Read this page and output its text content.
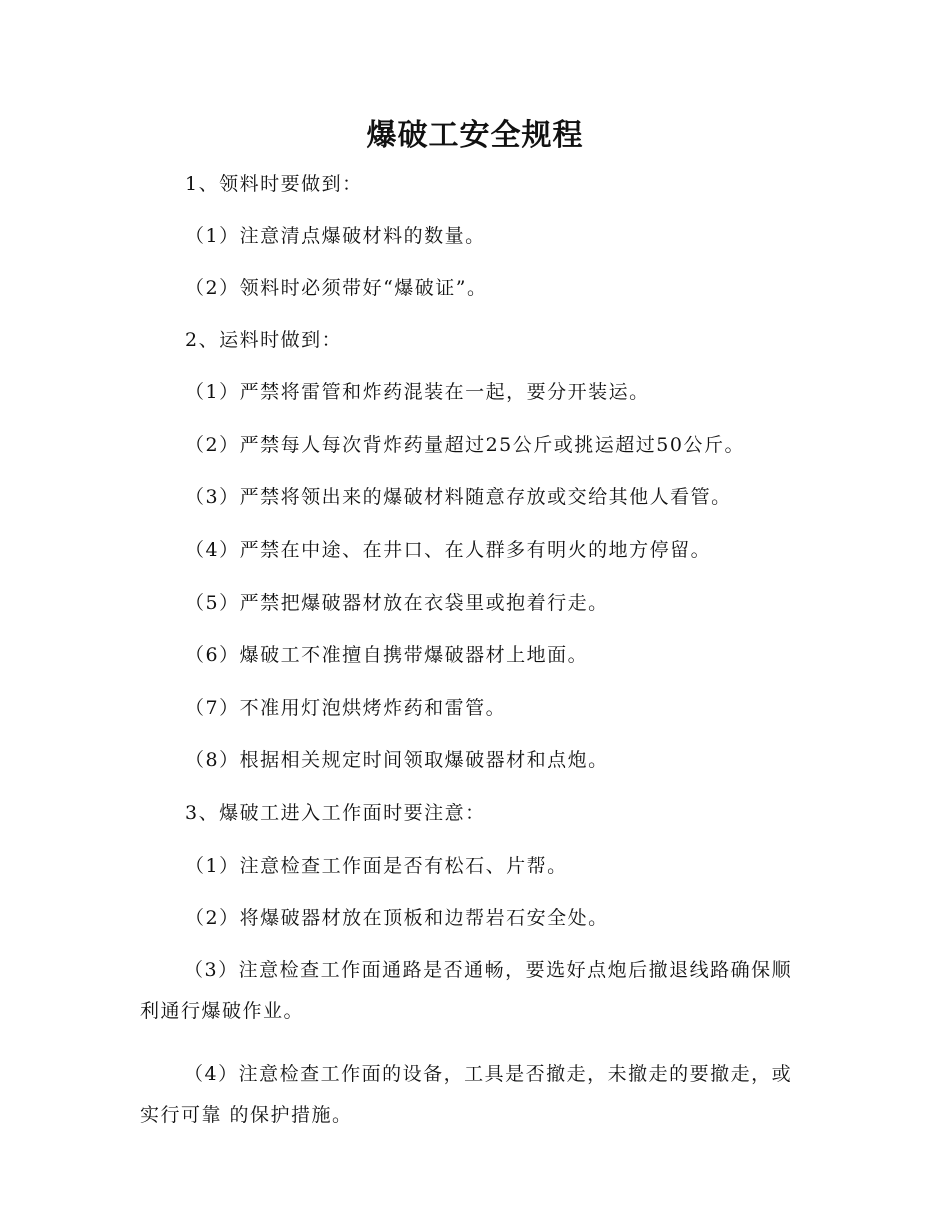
爆破工安全规程
1、领料时要做到：
（1）注意清点爆破材料的数量。
（2）领料时必须带好“爆破证”。
2、运料时做到：
（1）严禁将雷管和炸药混装在一起，要分开装运。
（2）严禁每人每次背炸药量超过25公斤或挑运超过50公斤。
（3）严禁将领出来的爆破材料随意存放或交给其他人看管。
（4）严禁在中途、在井口、在人群多有明火的地方停留。
（5）严禁把爆破器材放在衣袋里或抱着行走。
（6）爆破工不准擅自携带爆破器材上地面。
（7）不准用灯泡烘烤炸药和雷管。
（8）根据相关规定时间领取爆破器材和点炮。
3、爆破工进入工作面时要注意：
（1）注意检查工作面是否有松石、片帮。
（2）将爆破器材放在顶板和边帮岩石安全处。
（3）注意检查工作面通路是否通畅，要选好点炮后撤退线路确保顺利通行爆破作业。
（4）注意检查工作面的设备，工具是否撤走，未撤走的要撤走，或实行可靠 的保护措施。
